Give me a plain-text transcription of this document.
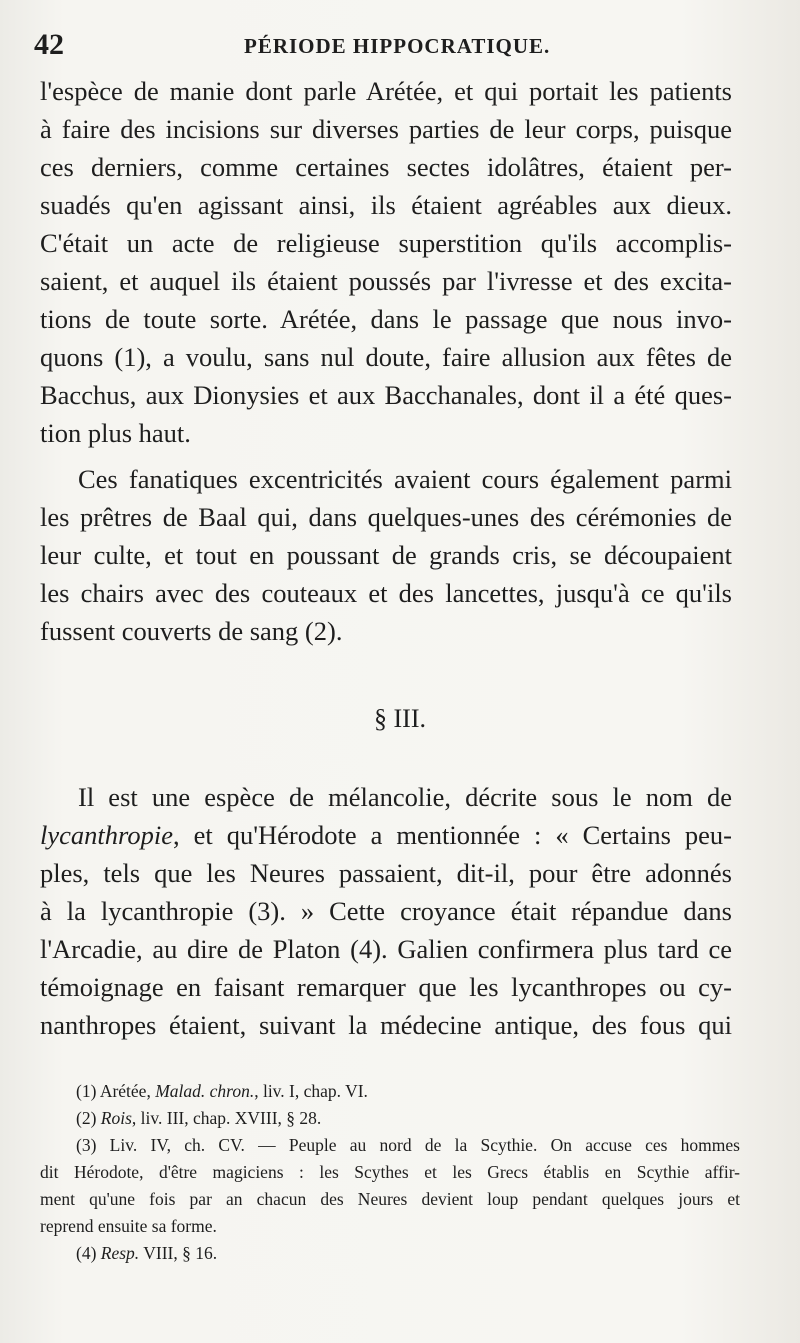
42	PÉRIODE HIPPOCRATIQUE.
l'espèce de manie dont parle Arétée, et qui portait les patients
à faire des incisions sur diverses parties de leur corps, puisque
ces derniers, comme certaines sectes idolâtres, étaient per-
suadés qu'en agissant ainsi, ils étaient agréables aux dieux.
C'était un acte de religieuse superstition qu'ils accomplis-
saient, et auquel ils étaient poussés par l'ivresse et des excita-
tions de toute sorte. Arétée, dans le passage que nous invo-
quons (1), a voulu, sans nul doute, faire allusion aux fêtes de
Bacchus, aux Dionysies et aux Bacchanales, dont il a été ques-
tion plus haut.
Ces fanatiques excentricités avaient cours également parmi
les prêtres de Baal qui, dans quelques-unes des cérémonies de
leur culte, et tout en poussant de grands cris, se découpaient
les chairs avec des couteaux et des lancettes, jusqu'à ce qu'ils
fussent couverts de sang (2).
§ III.
Il est une espèce de mélancolie, décrite sous le nom de
lycanthropie, et qu'Hérodote a mentionnée : « Certains peu-
ples, tels que les Neures passaient, dit-il, pour être adonnés
à la lycanthropie (3). » Cette croyance était répandue dans
l'Arcadie, au dire de Platon (4). Galien confirmera plus tard ce
témoignage en faisant remarquer que les lycanthropes ou cy-
nanthropes étaient, suivant la médecine antique, des fous qui
(1) Arétée, Malad. chron., liv. I, chap. VI.
(2) Rois, liv. III, chap. XVIII, § 28.
(3) Liv. IV, ch. CV. — Peuple au nord de la Scythie. On accuse ces hommes
dit Hérodote, d'être magiciens : les Scythes et les Grecs établis en Scythie affir-
ment qu'une fois par an chacun des Neures devient loup pendant quelques jours et
reprend ensuite sa forme.
(4) Resp. VIII, § 16.
